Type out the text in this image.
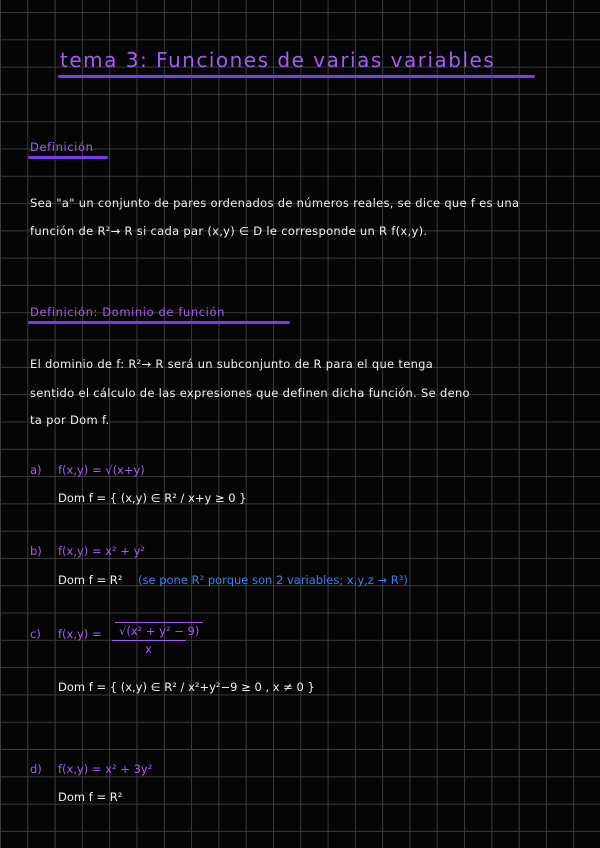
tema 3: Funciones de varias variables
Definición
Sea "a" un conjunto de pares ordenados de números reales, se dice que f es una
función de R²→ R si cada par (x,y) ∈ D le corresponde un R f(x,y).
Definición: Dominio de función
El dominio de f: R²→ R será un subconjunto de R para el que tenga
sentido el cálculo de las expresiones que definen dicha función. Se deno
ta por Dom f.
a) f(x,y) = √(x+y)
Dom f = { (x,y) ∈ R² / x+y ≥ 0 }
b) f(x,y) = x² + y²
Dom f = R² (se pone R² porque son 2 variables; x,y,z → R³)
c) f(x,y) =	√(x² + y² − 9)
x
Dom f = { (x,y) ∈ R² / x²+y²−9 ≥ 0 , x ≠ 0 }
d) f(x,y) = x² + 3y²
Dom f = R²
